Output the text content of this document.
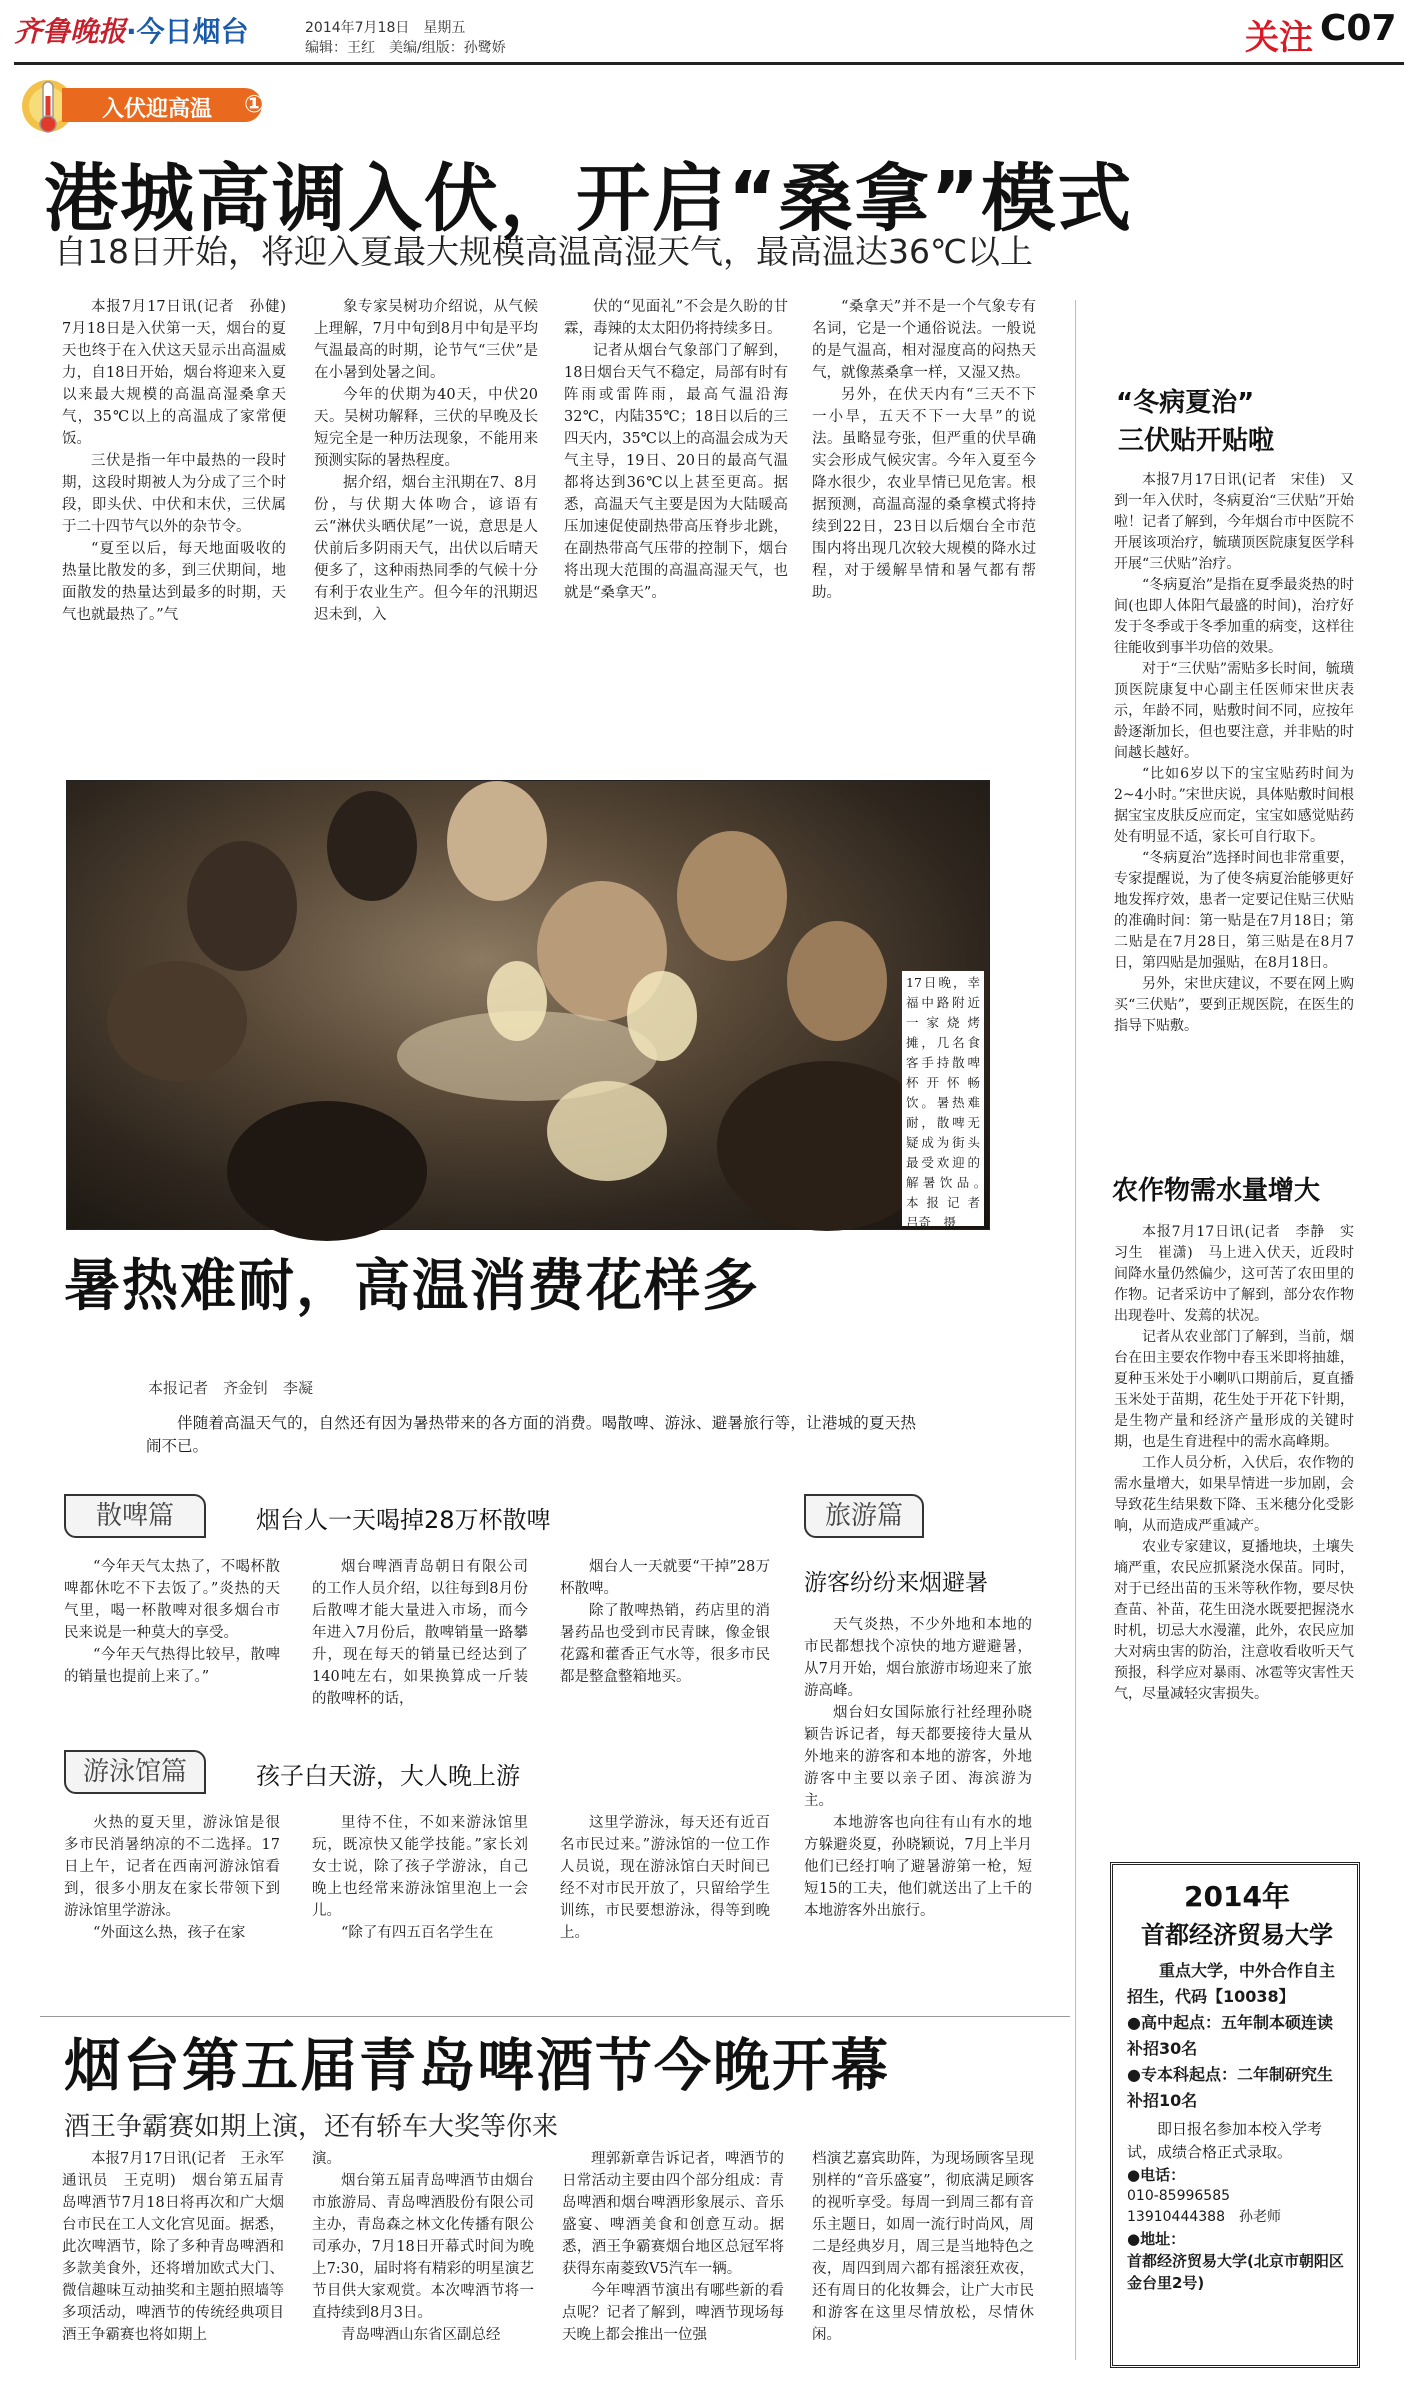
齐鲁晚报·今日烟台	2014年7月18日　星期五
编辑：王红　美编/组版：孙鹭娇	关注 C07
入伏迎高温 ①
港城高调入伏，开启“桑拿”模式
自18日开始，将迎入夏最大规模高温高湿天气，最高温达36℃以上

本报7月17日讯(记者　孙健)　7月18日是入伏第一天，烟台的夏天也终于在入伏这天显示出高温威力，自18日开始，烟台将迎来入夏以来最大规模的高温高湿桑拿天气，35℃以上的高温成了家常便饭。

三伏是指一年中最热的一段时期，这段时期被人为分成了三个时段，即头伏、中伏和末伏，三伏属于二十四节气以外的杂节令。

“夏至以后，每天地面吸收的热量比散发的多，到三伏期间，地面散发的热量达到最多的时期，天气也就最热了。”气

象专家吴树功介绍说，从气候上理解，7月中旬到8月中旬是平均气温最高的时期，论节气“三伏”是在小暑到处暑之间。

今年的伏期为40天，中伏20天。吴树功解释，三伏的早晚及长短完全是一种历法现象，不能用来预测实际的暑热程度。

据介绍，烟台主汛期在7、8月份，与伏期大体吻合，谚语有云“淋伏头晒伏尾”一说，意思是人伏前后多阴雨天气，出伏以后晴天便多了，这种雨热同季的气候十分有利于农业生产。但今年的汛期迟迟未到，入

伏的“见面礼”不会是久盼的甘霖，毒辣的太太阳仍将持续多日。

记者从烟台气象部门了解到，18日烟台天气不稳定，局部有时有阵雨或雷阵雨，最高气温沿海32℃，内陆35℃；18日以后的三四天内，35℃以上的高温会成为天气主导，19日、20日的最高气温都将达到36℃以上甚至更高。据悉，高温天气主要是因为大陆暖高压加速促使副热带高压脊步北跳，在副热带高气压带的控制下，烟台将出现大范围的高温高湿天气，也就是“桑拿天”。

“桑拿天”并不是一个气象专有名词，它是一个通俗说法。一般说的是气温高，相对湿度高的闷热天气，就像蒸桑拿一样，又湿又热。

另外，在伏天内有“三天不下一小旱，五天不下一大旱”的说法。虽略显夸张，但严重的伏旱确实会形成气候灾害。今年入夏至今降水很少，农业旱情已见危害。根据预测，高温高湿的桑拿模式将持续到22日，23日以后烟台全市范围内将出现几次较大规模的降水过程，对于缓解旱情和暑气都有帮助。

17日晚，幸福中路附近一家烧烤摊，几名食客手持散啤杯开怀畅饮。暑热难耐，散啤无疑成为街头最受欢迎的解暑饮品。　本报记者　吕奇　摄
暑热难耐，高温消费花样多
本报记者　齐金钊　李凝
伴随着高温天气的，自然还有因为暑热带来的各方面的消费。喝散啤、游泳、避暑旅行等，让港城的夏天热闹不已。
散啤篇	烟台人一天喝掉28万杯散啤

“今年天气太热了，不喝杯散啤都休吃不下去饭了。”炎热的天气里，喝一杯散啤对很多烟台市民来说是一种莫大的享受。

“今年天气热得比较早，散啤的销量也提前上来了。”

烟台啤酒青岛朝日有限公司的工作人员介绍，以往每到8月份后散啤才能大量进入市场，而今年进入7月份后，散啤销量一路攀升，现在每天的销量已经达到了140吨左右，如果换算成一斤装的散啤杯的话，

烟台人一天就要“干掉”28万杯散啤。

除了散啤热销，药店里的消暑药品也受到市民青睐，像金银花露和藿香正气水等，很多市民都是整盒整箱地买。

游泳馆篇	孩子白天游，大人晚上游

火热的夏天里，游泳馆是很多市民消暑纳凉的不二选择。17日上午，记者在西南河游泳馆看到，很多小朋友在家长带领下到游泳馆里学游泳。

“外面这么热，孩子在家

里待不住，不如来游泳馆里玩，既凉快又能学技能。”家长刘女士说，除了孩子学游泳，自己晚上也经常来游泳馆里泡上一会儿。

“除了有四五百名学生在

这里学游泳，每天还有近百名市民过来。”游泳馆的一位工作人员说，现在游泳馆白天时间已经不对市民开放了，只留给学生训练，市民要想游泳，得等到晚上。

旅游篇
游客纷纷来烟避暑

天气炎热，不少外地和本地的市民都想找个凉快的地方避避暑，从7月开始，烟台旅游市场迎来了旅游高峰。

烟台妇女国际旅行社经理孙晓颖告诉记者，每天都要接待大量从外地来的游客和本地的游客，外地游客中主要以亲子团、海滨游为主。

本地游客也向往有山有水的地方躲避炎夏，孙晓颖说，7月上半月他们已经打响了避暑游第一枪，短短15的工夫，他们就送出了上千的本地游客外出旅行。

“冬病夏治”
三伏贴开贴啦

本报7月17日讯(记者　宋佳)　又到一年入伏时，冬病夏治“三伏贴”开始啦！记者了解到，今年烟台市中医院不开展该项治疗，毓璜顶医院康复医学科开展“三伏贴”治疗。

“冬病夏治”是指在夏季最炎热的时间(也即人体阳气最盛的时间)，治疗好发于冬季或于冬季加重的病变，这样往往能收到事半功倍的效果。

对于“三伏贴”需贴多长时间，毓璜顶医院康复中心副主任医师宋世庆表示，年龄不同，贴敷时间不同，应按年龄逐渐加长，但也要注意，并非贴的时间越长越好。

“比如6岁以下的宝宝贴药时间为2~4小时。”宋世庆说，具体贴敷时间根据宝宝皮肤反应而定，宝宝如感觉贴药处有明显不适，家长可自行取下。

“冬病夏治”选择时间也非常重要，专家提醒说，为了使冬病夏治能够更好地发挥疗效，患者一定要记住贴三伏贴的准确时间：第一贴是在7月18日；第二贴是在7月28日，第三贴是在8月7日，第四贴是加强贴，在8月18日。

另外，宋世庆建议，不要在网上购买“三伏贴”，要到正规医院，在医生的指导下贴敷。

农作物需水量增大

本报7月17日讯(记者　李静　实习生　崔潇)　马上进入伏天，近段时间降水量仍然偏少，这可苦了农田里的作物。记者采访中了解到，部分农作物出现卷叶、发蔫的状况。

记者从农业部门了解到，当前，烟台在田主要农作物中春玉米即将抽雄，夏种玉米处于小喇叭口期前后，夏直播玉米处于苗期，花生处于开花下针期，是生物产量和经济产量形成的关键时期，也是生育进程中的需水高峰期。

工作人员分析，入伏后，农作物的需水量增大，如果旱情进一步加剧，会导致花生结果数下降、玉米穗分化受影响，从而造成严重减产。

农业专家建议，夏播地块，土壤失墒严重，农民应抓紧浇水保苗。同时，对于已经出苗的玉米等秋作物，要尽快查苗、补苗，花生田浇水既要把握浇水时机，切忌大水漫灌，此外，农民应加大对病虫害的防治，注意收看收听天气预报，科学应对暴雨、冰雹等灾害性天气，尽量减轻灾害损失。

2014年
首都经济贸易大学
重点大学，中外合作自主招生，代码【10038】
●高中起点：五年制本硕连读补招30名
●专本科起点：二年制研究生补招10名
即日报名参加本校入学考试，成绩合格正式录取。
●电话：
010-85996585
13910444388　孙老师
●地址：
首都经济贸易大学(北京市朝阳区金台里2号)
烟台第五届青岛啤酒节今晚开幕
酒王争霸赛如期上演，还有轿车大奖等你来

本报7月17日讯(记者　王永军　通讯员　王克明)　烟台第五届青岛啤酒节7月18日将再次和广大烟台市民在工人文化宫见面。据悉，此次啤酒节，除了多种青岛啤酒和多款美食外，还将增加欧式大门、微信趣味互动抽奖和主题拍照墙等多项活动，啤酒节的传统经典项目酒王争霸赛也将如期上

演。

烟台第五届青岛啤酒节由烟台市旅游局、青岛啤酒股份有限公司主办，青岛森之林文化传播有限公司承办，7月18日开幕式时间为晚上7:30，届时将有精彩的明星演艺节目供大家观赏。本次啤酒节将一直持续到8月3日。

青岛啤酒山东省区副总经

理郭新章告诉记者，啤酒节的日常活动主要由四个部分组成：青岛啤酒和烟台啤酒形象展示、音乐盛宴、啤酒美食和创意互动。据悉，酒王争霸赛烟台地区总冠军将获得东南菱致V5汽车一辆。

今年啤酒节演出有哪些新的看点呢？记者了解到，啤酒节现场每天晚上都会推出一位强

档演艺嘉宾助阵，为现场顾客呈现别样的“音乐盛宴”，彻底满足顾客的视听享受。每周一到周三都有音乐主题日，如周一流行时尚风，周二是经典岁月，周三是当地特色之夜，周四到周六都有摇滚狂欢夜，还有周日的化妆舞会，让广大市民和游客在这里尽情放松，尽情休闲。
